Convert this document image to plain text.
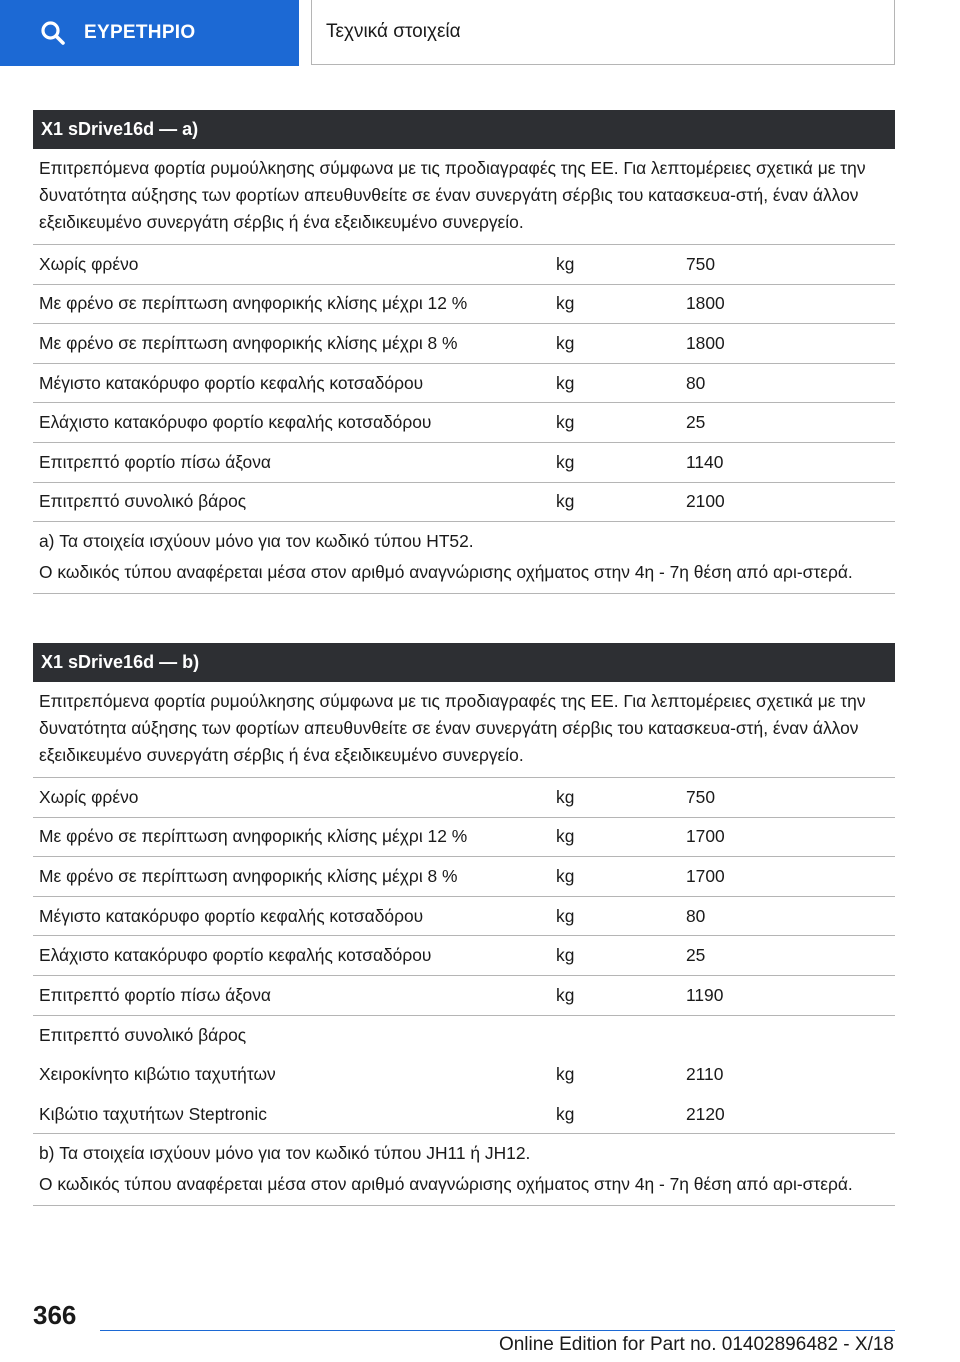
ΕΥΡΕΤΗΡΙΟ	Τεχνικά στοιχεία
X1 sDrive16d — a)
Επιτρεπόμενα φορτία ρυμούλκησης σύμφωνα με τις προδιαγραφές της ΕΕ. Για λεπτομέρειες σχετικά με την δυνατότητα αύξησης των φορτίων απευθυνθείτε σε έναν συνεργάτη σέρβις του κατασκευα-στή, έναν άλλον εξειδικευμένο συνεργάτη σέρβις ή ένα εξειδικευμένο συνεργείο.
Χωρίς φρένο	kg	750
Με φρένο σε περίπτωση ανηφορικής κλίσης μέχρι 12 %	kg	1800
Με φρένο σε περίπτωση ανηφορικής κλίσης μέχρι 8 %	kg	1800
Μέγιστο κατακόρυφο φορτίο κεφαλής κοτσαδόρου	kg	80
Ελάχιστο κατακόρυφο φορτίο κεφαλής κοτσαδόρου	kg	25
Επιτρεπτό φορτίο πίσω άξονα	kg	1140
Επιτρεπτό συνολικό βάρος	kg	2100

a) Τα στοιχεία ισχύουν μόνο για τον κωδικό τύπου HT52.

Ο κωδικός τύπου αναφέρεται μέσα στον αριθμό αναγνώρισης οχήματος στην 4η - 7η θέση από αρι-στερά.

X1 sDrive16d — b)
Επιτρεπόμενα φορτία ρυμούλκησης σύμφωνα με τις προδιαγραφές της ΕΕ. Για λεπτομέρειες σχετικά με την δυνατότητα αύξησης των φορτίων απευθυνθείτε σε έναν συνεργάτη σέρβις του κατασκευα-στή, έναν άλλον εξειδικευμένο συνεργάτη σέρβις ή ένα εξειδικευμένο συνεργείο.
Χωρίς φρένο	kg	750
Με φρένο σε περίπτωση ανηφορικής κλίσης μέχρι 12 %	kg	1700
Με φρένο σε περίπτωση ανηφορικής κλίσης μέχρι 8 %	kg	1700
Μέγιστο κατακόρυφο φορτίο κεφαλής κοτσαδόρου	kg	80
Ελάχιστο κατακόρυφο φορτίο κεφαλής κοτσαδόρου	kg	25
Επιτρεπτό φορτίο πίσω άξονα	kg	1190
Επιτρεπτό συνολικό βάρος
Χειροκίνητο κιβώτιο ταχυτήτων	kg	2110
Κιβώτιο ταχυτήτων Steptronic	kg	2120

b) Τα στοιχεία ισχύουν μόνο για τον κωδικό τύπου JH11 ή JH12.

Ο κωδικός τύπου αναφέρεται μέσα στον αριθμό αναγνώρισης οχήματος στην 4η - 7η θέση από αρι-στερά.

366
Online Edition for Part no. 01402896482 - X/18
